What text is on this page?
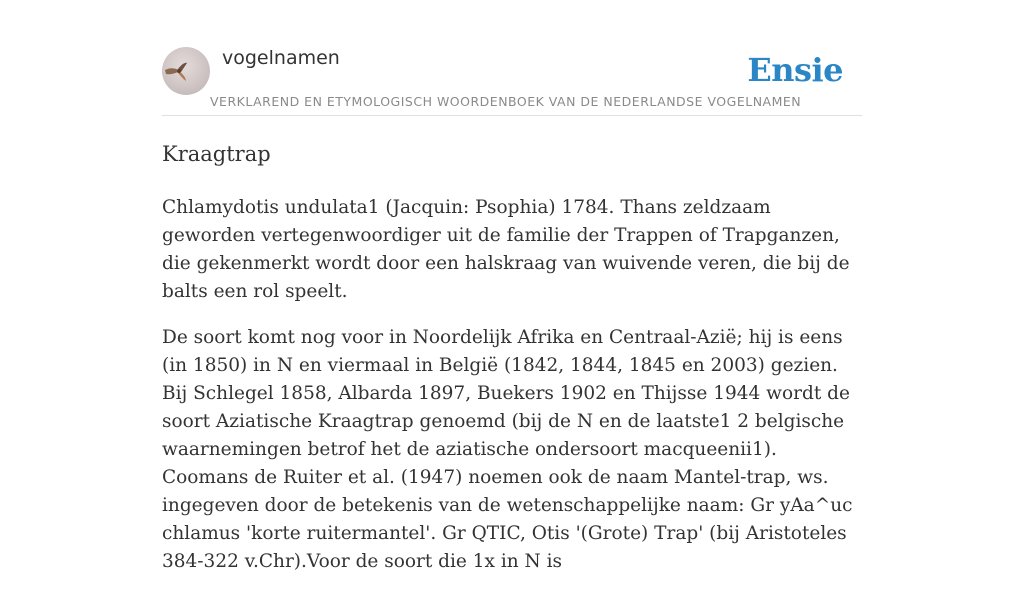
vogelnamen	Ensie
VERKLAREND EN ETYMOLOGISCH WOORDENBOEK VAN DE NEDERLANDSE VOGELNAMEN
Kraagtrap

Chlamydotis undulata1 (Jacquin: Psophia) 1784. Thans zeldzaam geworden vertegenwoordiger uit de familie der Trappen of Trapganzen, die gekenmerkt wordt door een halskraag van wuivende veren, die bij de balts een rol speelt.

De soort komt nog voor in Noordelijk Afrika en Centraal-Azië; hij is eens (in 1850) in N en viermaal in België (1842, 1844, 1845 en 2003) gezien. Bij Schlegel 1858, Albarda 1897, Buekers 1902 en Thijsse 1944 wordt de soort Aziatische Kraagtrap genoemd (bij de N en de laatste1 2 belgische waarnemingen betrof het de aziatische ondersoort macqueenii1). Coomans de Ruiter et al. (1947) noemen ook de naam Mantel-trap, ws. ingegeven door de betekenis van de wetenschappelijke naam: Gr yAa^uc chlamus 'korte ruitermantel'. Gr QTIC, Otis '(Grote) Trap' (bij Aristoteles 384-322 v.Chr).Voor de soort die 1x in N is
